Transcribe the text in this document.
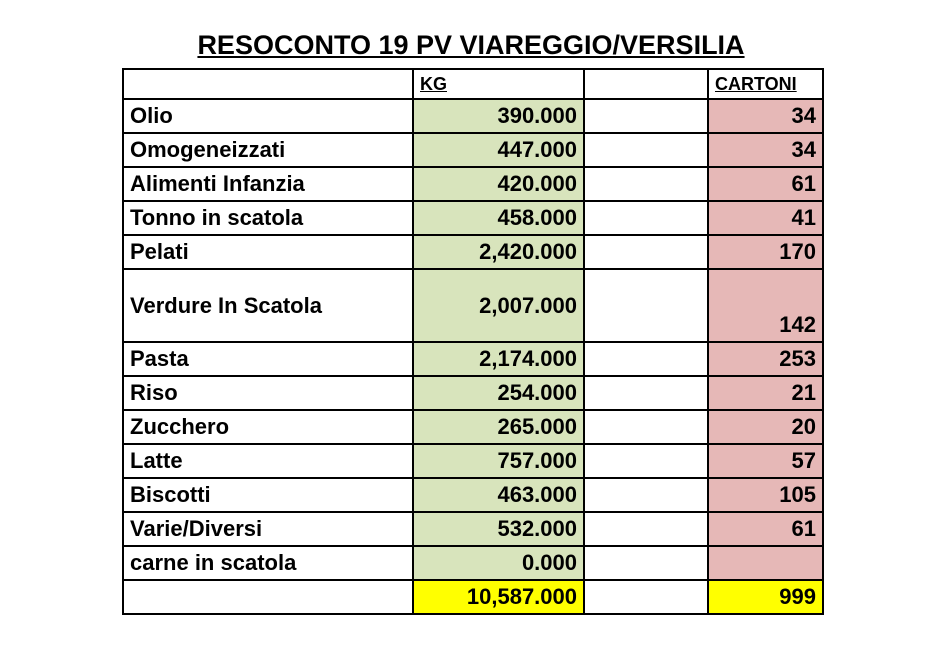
RESOCONTO 19 PV VIAREGGIO/VERSILIA
	KG		CARTONI
Olio	390.000		34
Omogeneizzati	447.000		34
Alimenti Infanzia	420.000		61
Tonno in scatola	458.000		41
Pelati	2,420.000		170
Verdure In Scatola	2,007.000		142
Pasta	2,174.000		253
Riso	254.000		21
Zucchero	265.000		20
Latte	757.000		57
Biscotti	463.000		105
Varie/Diversi	532.000		61
carne in scatola	0.000		
	10,587.000		999
